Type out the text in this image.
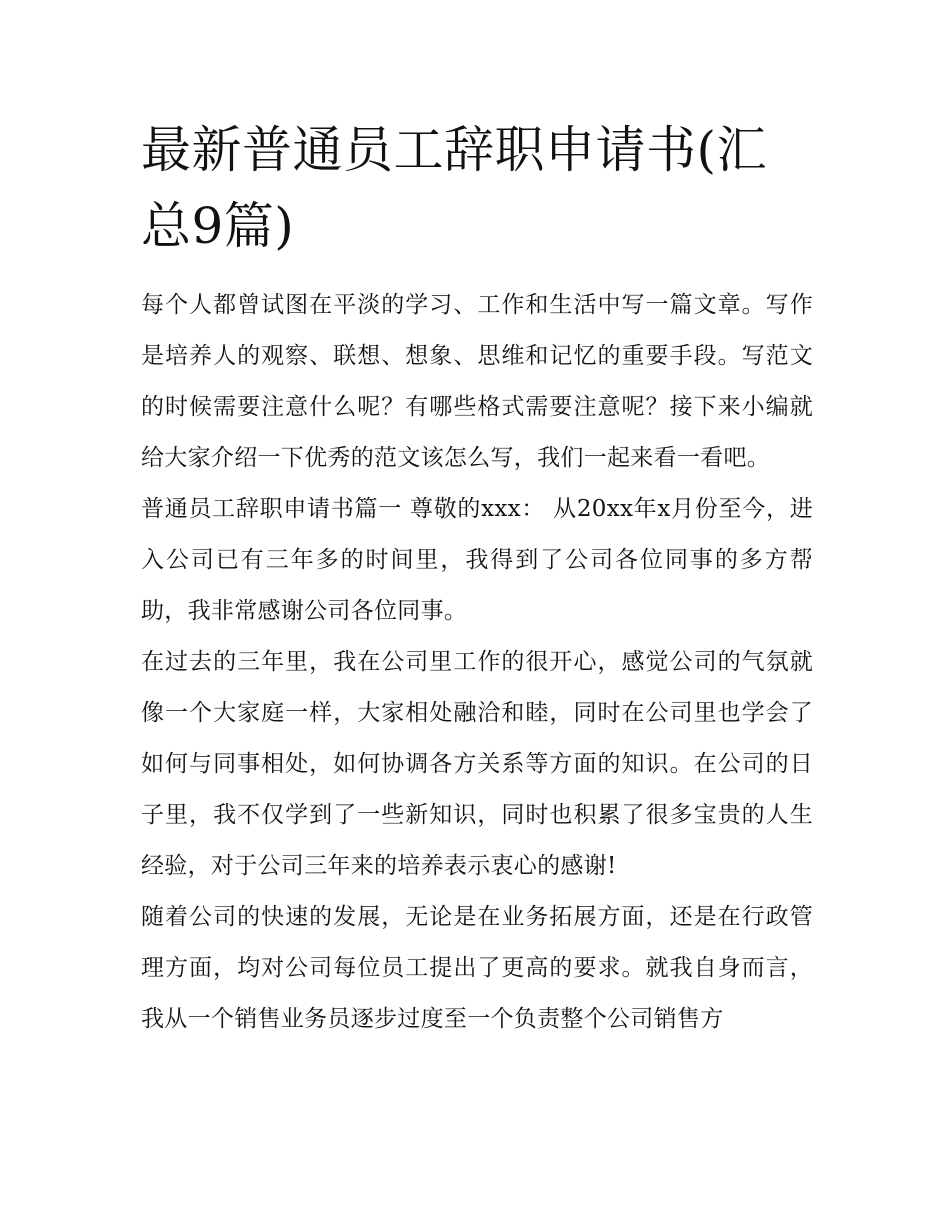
最新普通员工辞职申请书(汇总9篇)

每个人都曾试图在平淡的学习、工作和生活中写一篇文章。写作是培养人的观察、联想、想象、思维和记忆的重要手段。写范文的时候需要注意什么呢？有哪些格式需要注意呢？接下来小编就给大家介绍一下优秀的范文该怎么写，我们一起来看一看吧。

普通员工辞职申请书篇一 尊敬的xxx： 从20xx年x月份至今，进入公司已有三年多的时间里，我得到了公司各位同事的多方帮助，我非常感谢公司各位同事。

在过去的三年里，我在公司里工作的很开心，感觉公司的气氛就像一个大家庭一样，大家相处融洽和睦，同时在公司里也学会了如何与同事相处，如何协调各方关系等方面的知识。在公司的日子里，我不仅学到了一些新知识，同时也积累了很多宝贵的人生经验，对于公司三年来的培养表示衷心的感谢!

随着公司的快速的发展，无论是在业务拓展方面，还是在行政管理方面，均对公司每位员工提出了更高的要求。就我自身而言，我从一个销售业务员逐步过度至一个负责整个公司销售方
